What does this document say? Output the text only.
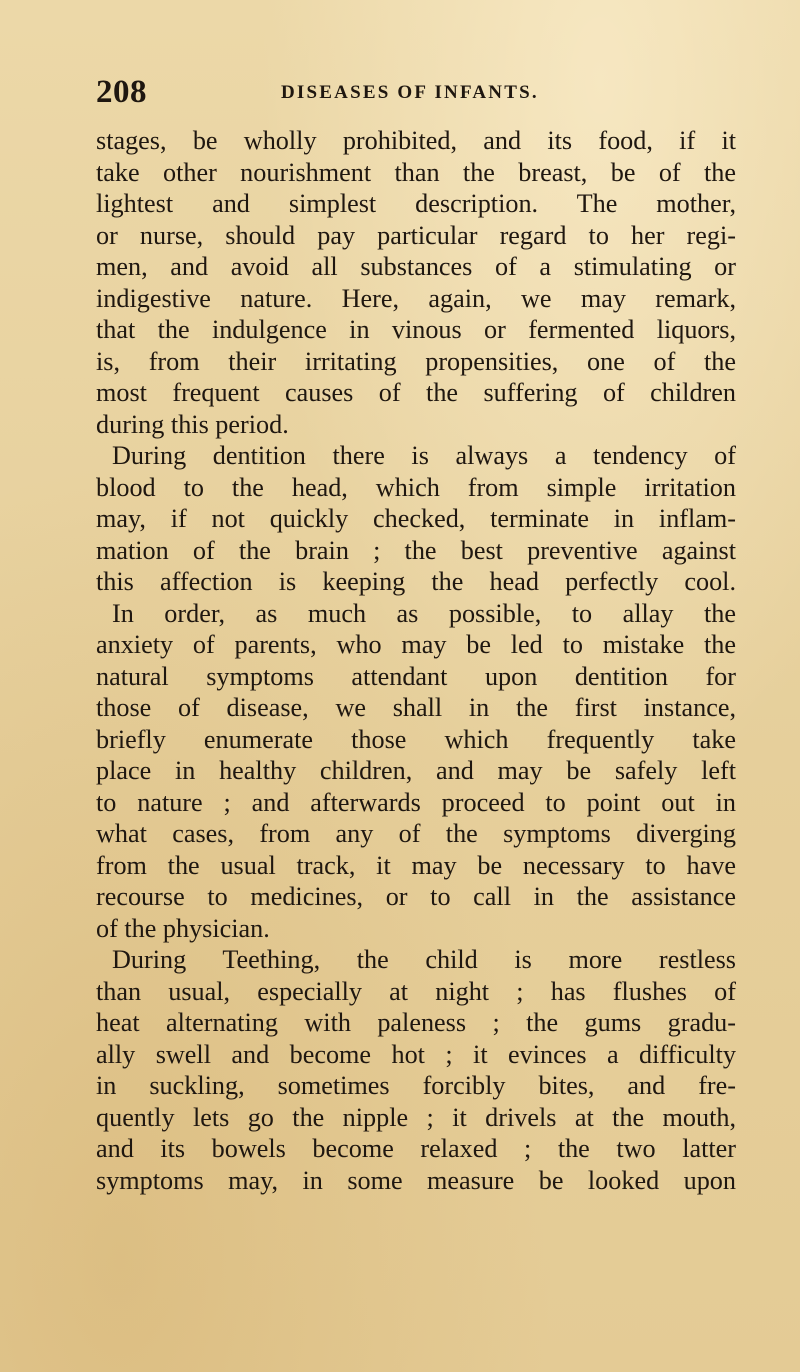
208	DISEASES OF INFANTS.
stages, be wholly prohibited, and its food, if it
take other nourishment than the breast, be of the
lightest and simplest description. The mother,
or nurse, should pay particular regard to her regi-
men, and avoid all substances of a stimulating or
indigestive nature. Here, again, we may remark,
that the indulgence in vinous or fermented liquors,
is, from their irritating propensities, one of the
most frequent causes of the suffering of children
during this period.
During dentition there is always a tendency of
blood to the head, which from simple irritation
may, if not quickly checked, terminate in inflam-
mation of the brain ; the best preventive against
this affection is keeping the head perfectly cool.
In order, as much as possible, to allay the
anxiety of parents, who may be led to mistake the
natural symptoms attendant upon dentition for
those of disease, we shall in the first instance,
briefly enumerate those which frequently take
place in healthy children, and may be safely left
to nature ; and afterwards proceed to point out in
what cases, from any of the symptoms diverging
from the usual track, it may be necessary to have
recourse to medicines, or to call in the assistance
of the physician.
During Teething, the child is more restless
than usual, especially at night ; has flushes of
heat alternating with paleness ; the gums gradu-
ally swell and become hot ; it evinces a difficulty
in suckling, sometimes forcibly bites, and fre-
quently lets go the nipple ; it drivels at the mouth,
and its bowels become relaxed ; the two latter
symptoms may, in some measure be looked upon
